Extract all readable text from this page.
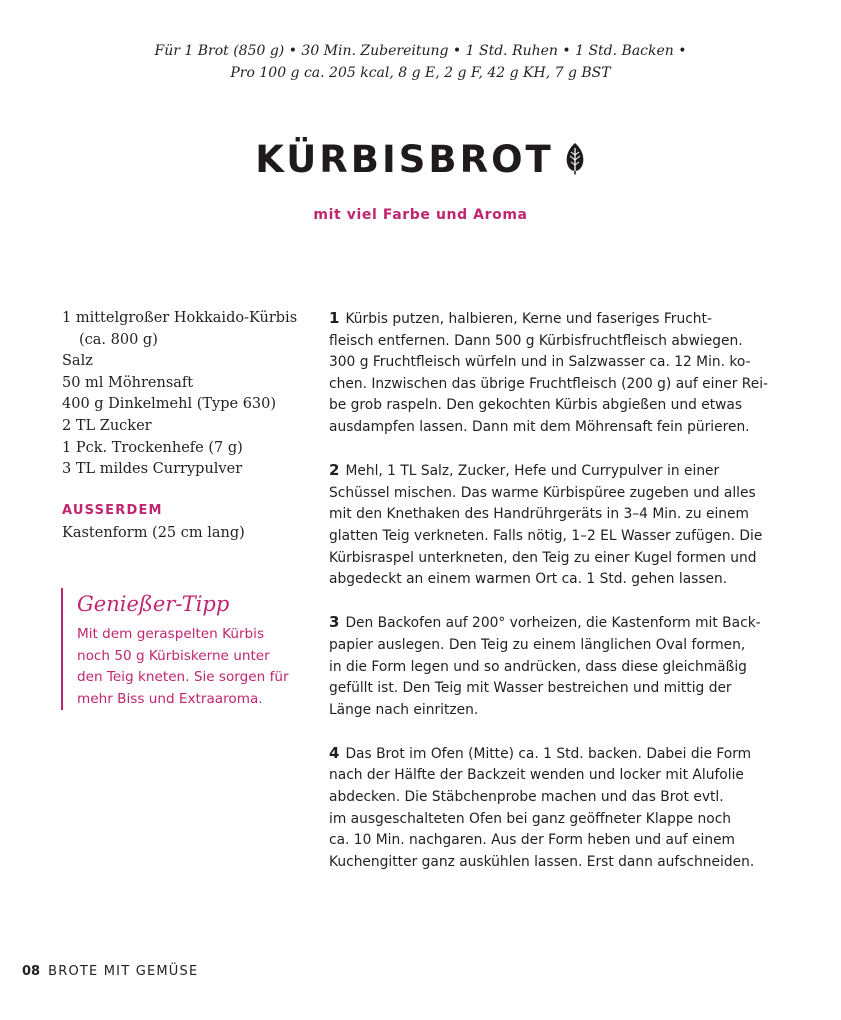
Für 1 Brot (850 g) • 30 Min. Zubereitung • 1 Std. Ruhen • 1 Std. Backen •
Pro 100 g ca. 205 kcal, 8 g E, 2 g F, 42 g KH, 7 g BST
KÜRBISBROT
mit viel Farbe und Aroma
1 mittelgroßer Hokkaido-Kürbis
(ca. 800 g)
Salz
50 ml Möhrensaft
400 g Dinkelmehl (Type 630)
2 TL Zucker
1 Pck. Trockenhefe (7 g)
3 TL mildes Currypulver
AUSSERDEM
Kastenform (25 cm lang)
Genießer-Tipp
Mit dem geraspelten Kürbis
noch 50 g Kürbiskerne unter
den Teig kneten. Sie sorgen für
mehr Biss und Extraaroma.
1 Kürbis putzen, halbieren, Kerne und faseriges Frucht-
fleisch entfernen. Dann 500 g Kürbisfruchtfleisch abwiegen.
300 g Fruchtfleisch würfeln und in Salzwasser ca. 12 Min. ko-
chen. Inzwischen das übrige Fruchtfleisch (200 g) auf einer Rei-
be grob raspeln. Den gekochten Kürbis abgießen und etwas
ausdampfen lassen. Dann mit dem Möhrensaft fein pürieren.
2 Mehl, 1 TL Salz, Zucker, Hefe und Currypulver in einer
Schüssel mischen. Das warme Kürbispüree zugeben und alles
mit den Knethaken des Handrührgeräts in 3–4 Min. zu einem
glatten Teig verkneten. Falls nötig, 1–2 EL Wasser zufügen. Die
Kürbisraspel unterkneten, den Teig zu einer Kugel formen und
abgedeckt an einem warmen Ort ca. 1 Std. gehen lassen.
3 Den Backofen auf 200° vorheizen, die Kastenform mit Back-
papier auslegen. Den Teig zu einem länglichen Oval formen,
in die Form legen und so andrücken, dass diese gleichmäßig
gefüllt ist. Den Teig mit Wasser bestreichen und mittig der
Länge nach einritzen.
4 Das Brot im Ofen (Mitte) ca. 1 Std. backen. Dabei die Form
nach der Hälfte der Backzeit wenden und locker mit Alufolie
abdecken. Die Stäbchenprobe machen und das Brot evtl.
im ausgeschalteten Ofen bei ganz geöffneter Klappe noch
ca. 10 Min. nachgaren. Aus der Form heben und auf einem
Kuchengitter ganz auskühlen lassen. Erst dann aufschneiden.
08 BROTE MIT GEMÜSE
